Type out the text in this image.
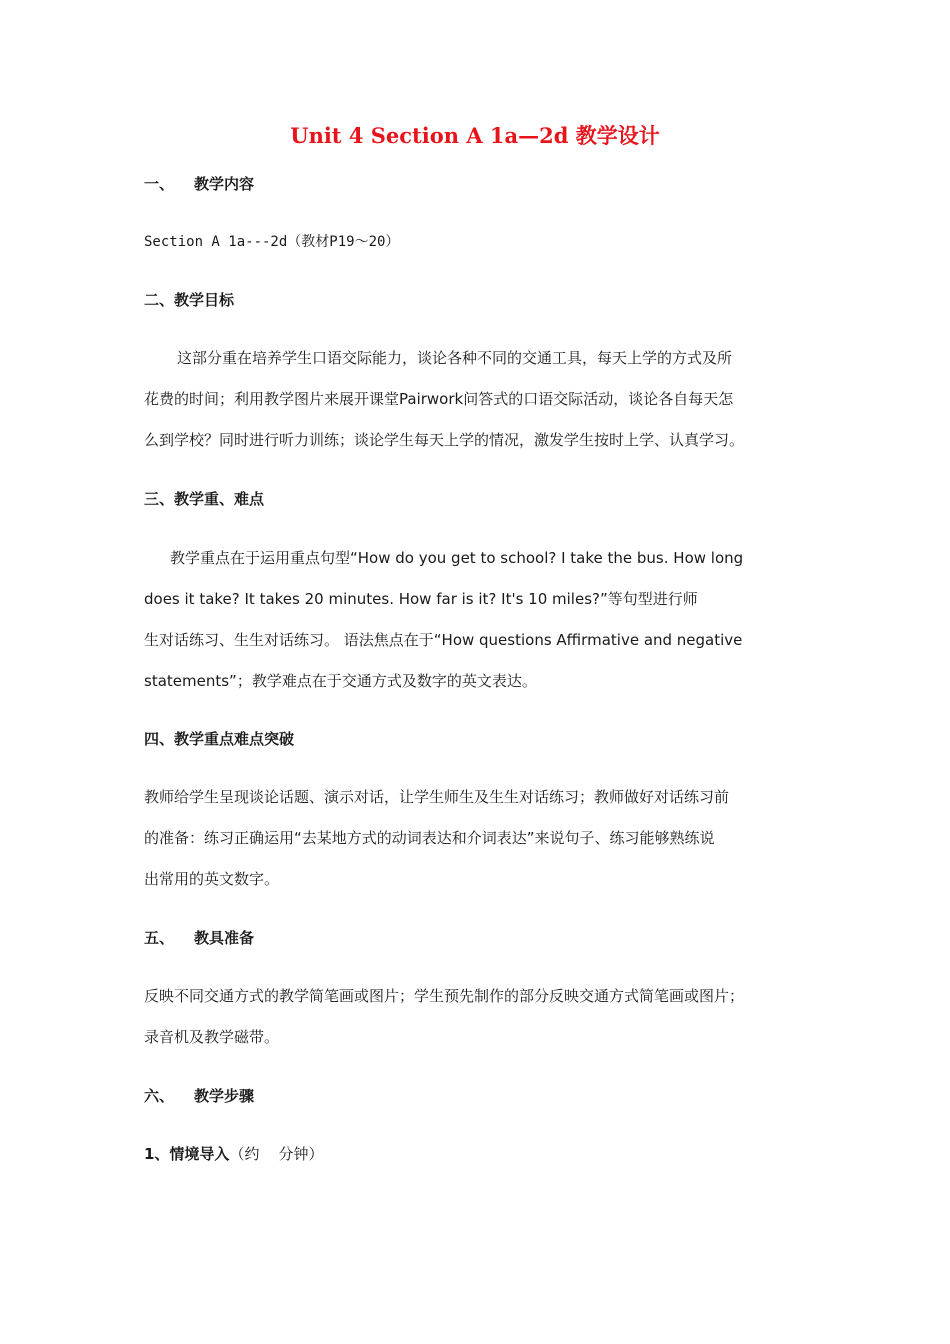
Unit 4 Section A 1a—2d 教学设计
一、 教学内容
Section A 1a---2d（教材P19～20）
二、教学目标
这部分重在培养学生口语交际能力，谈论各种不同的交通工具，每天上学的方式及所
花费的时间；利用教学图片来展开课堂Pairwork问答式的口语交际活动，谈论各自每天怎
么到学校？同时进行听力训练；谈论学生每天上学的情况，激发学生按时上学、认真学习。
三、教学重、难点
教学重点在于运用重点句型“How do you get to school? I take the bus. How long
does it take? It takes 20 minutes. How far is it? It's 10 miles?”等句型进行师
生对话练习、生生对话练习。 语法焦点在于“How questions Affirmative and negative
statements”；教学难点在于交通方式及数字的英文表达。
四、教学重点难点突破
教师给学生呈现谈论话题、演示对话，让学生师生及生生对话练习；教师做好对话练习前
的准备：练习正确运用“去某地方式的动词表达和介词表达”来说句子、练习能够熟练说
出常用的英文数字。
五、 教具准备
反映不同交通方式的教学简笔画或图片；学生预先制作的部分反映交通方式简笔画或图片；
录音机及教学磁带。
六、 教学步骤
1、情境导入（约    分钟）
